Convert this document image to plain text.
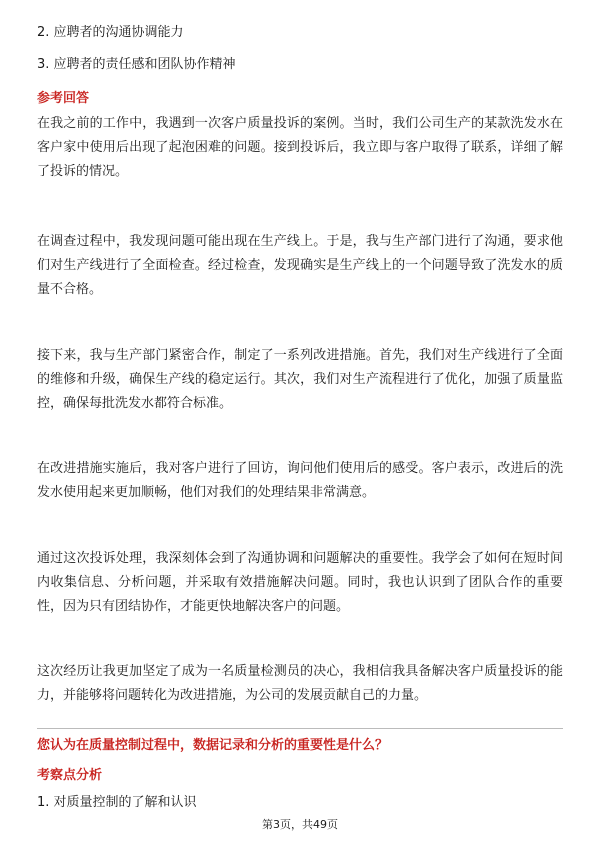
2. 应聘者的沟通协调能力
3. 应聘者的责任感和团队协作精神
参考回答
在我之前的工作中，我遇到一次客户质量投诉的案例。当时，我们公司生产的某款洗发水在客户家中使用后出现了起泡困难的问题。接到投诉后，我立即与客户取得了联系，详细了解了投诉的情况。
在调查过程中，我发现问题可能出现在生产线上。于是，我与生产部门进行了沟通，要求他们对生产线进行了全面检查。经过检查，发现确实是生产线上的一个问题导致了洗发水的质量不合格。
接下来，我与生产部门紧密合作，制定了一系列改进措施。首先，我们对生产线进行了全面的维修和升级，确保生产线的稳定运行。其次，我们对生产流程进行了优化，加强了质量监控，确保每批洗发水都符合标准。
在改进措施实施后，我对客户进行了回访，询问他们使用后的感受。客户表示，改进后的洗发水使用起来更加顺畅，他们对我们的处理结果非常满意。
通过这次投诉处理，我深刻体会到了沟通协调和问题解决的重要性。我学会了如何在短时间内收集信息、分析问题，并采取有效措施解决问题。同时，我也认识到了团队合作的重要性，因为只有团结协作，才能更快地解决客户的问题。
这次经历让我更加坚定了成为一名质量检测员的决心，我相信我具备解决客户质量投诉的能力，并能够将问题转化为改进措施，为公司的发展贡献自己的力量。
您认为在质量控制过程中，数据记录和分析的重要性是什么？
考察点分析
1. 对质量控制的了解和认识
第3页，共49页
